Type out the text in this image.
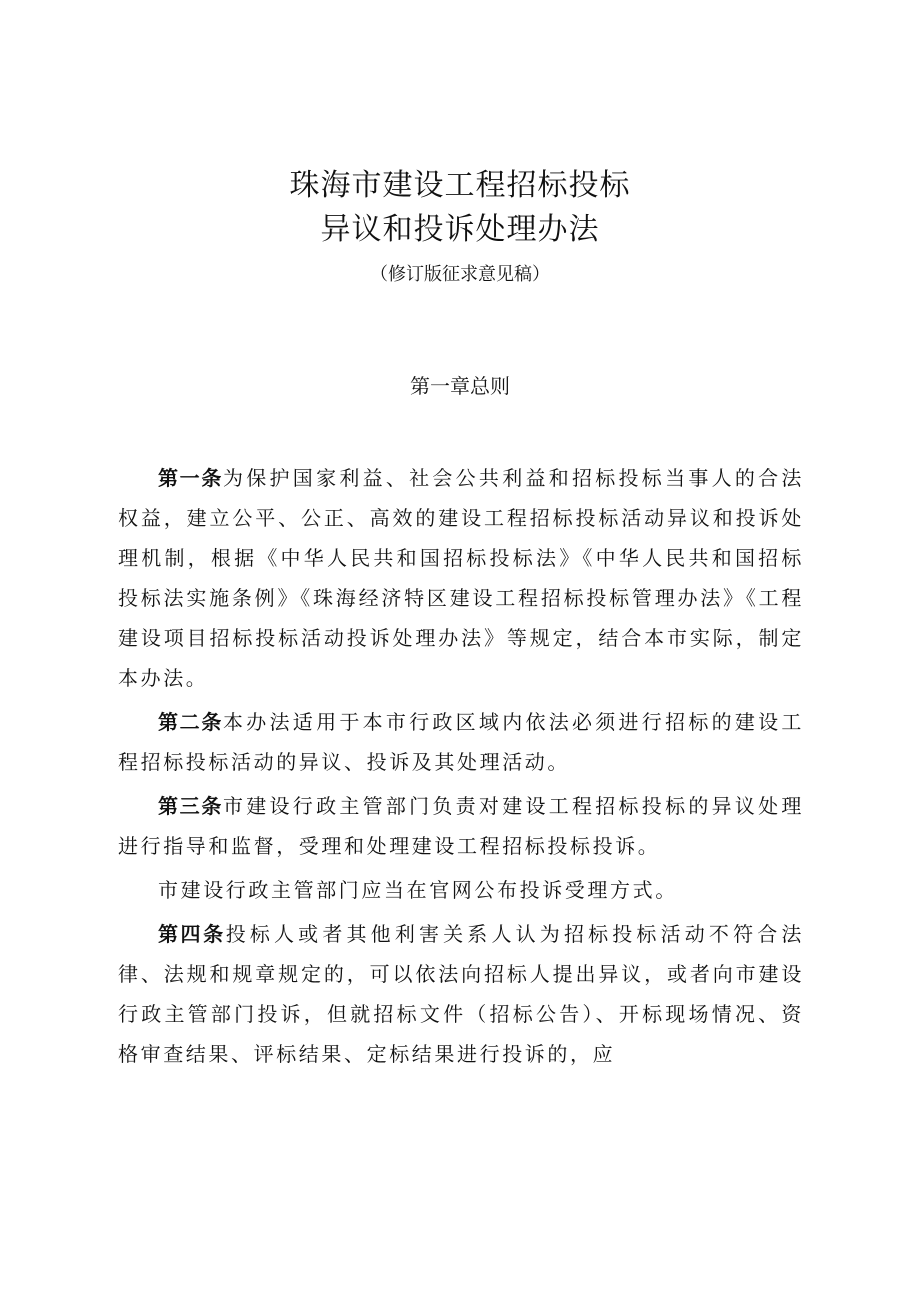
珠海市建设工程招标投标
异议和投诉处理办法
（修订版征求意见稿）
第一章总则

第一条为保护国家利益、社会公共利益和招标投标当事人的合法权益，建立公平、公正、高效的建设工程招标投标活动异议和投诉处理机制，根据《中华人民共和国招标投标法》《中华人民共和国招标投标法实施条例》《珠海经济特区建设工程招标投标管理办法》《工程建设项目招标投标活动投诉处理办法》等规定，结合本市实际，制定本办法。

第二条本办法适用于本市行政区域内依法必须进行招标的建设工程招标投标活动的异议、投诉及其处理活动。

第三条市建设行政主管部门负责对建设工程招标投标的异议处理进行指导和监督，受理和处理建设工程招标投标投诉。

市建设行政主管部门应当在官网公布投诉受理方式。

第四条投标人或者其他利害关系人认为招标投标活动不符合法律、法规和规章规定的，可以依法向招标人提出异议，或者向市建设行政主管部门投诉，但就招标文件（招标公告）、开标现场情况、资格审查结果、评标结果、定标结果进行投诉的，应
